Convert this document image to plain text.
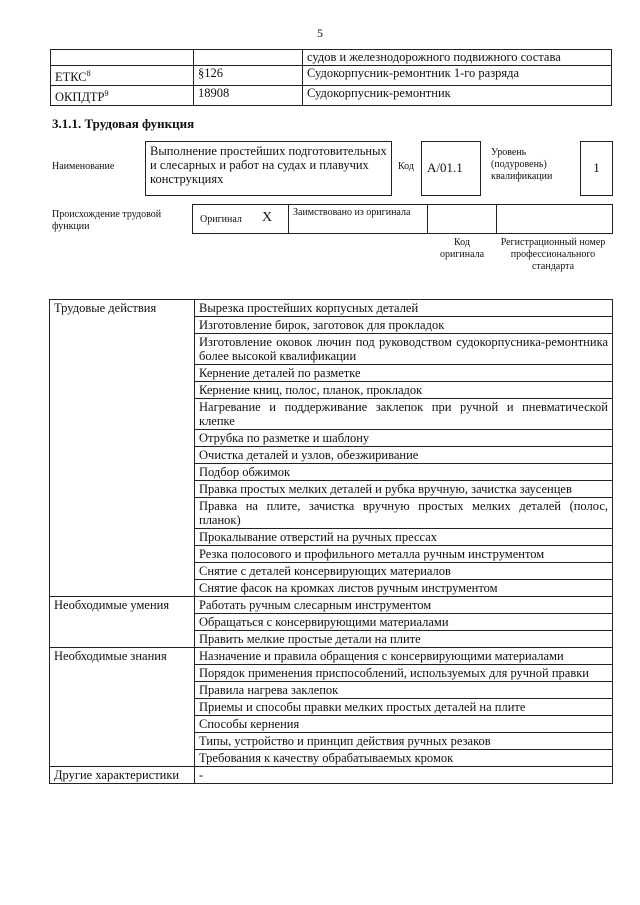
5
		судов и железнодорожного подвижного состава
ЕТКС$^8$	§126	Судокорпусник-ремонтник 1-го разряда
ОКПДТР$^9$	18908	Судокорпусник-ремонтник
3.1.1. Трудовая функция
Наименование
Выполнение простейших подготовительных и слесарных и работ на судах и плавучих конструкциях
Код	А/01.1
Уровень (подуровень) квалификации
1
Происхождение трудовой функции
Оригинал X Заимствовано из оригинала
Код оригинала
Регистрационный номер профессионального стандарта
Трудовые действия	Вырезка простейших корпусных деталей
	Изготовление бирок, заготовок для прокладок
	Изготовление оковок лючин под руководством судокорпусника-ремонтника более высокой квалификации
	Кернение деталей по разметке
	Кернение книц, полос, планок, прокладок
	Нагревание и поддерживание заклепок при ручной и пневматической клепке
	Отрубка по разметке и шаблону
	Очистка деталей и узлов, обезжиривание
	Подбор обжимок
	Правка простых мелких деталей и рубка вручную, зачистка заусенцев
	Правка на плите, зачистка вручную простых мелких деталей (полос, планок)
	Прокалывание отверстий на ручных прессах
	Резка полосового и профильного металла ручным инструментом
	Снятие с деталей консервирующих материалов
	Снятие фасок на кромках листов ручным инструментом
Необходимые умения	Работать ручным слесарным инструментом
	Обращаться с консервирующими материалами
	Править мелкие простые детали на плите
Необходимые знания	Назначение и правила обращения с консервирующими материалами
	Порядок применения приспособлений, используемых для ручной правки
	Правила нагрева заклепок
	Приемы и способы правки мелких простых деталей на плите
	Способы кернения
	Типы, устройство и принцип действия ручных резаков
	Требования к качеству обрабатываемых кромок
Другие характеристики	-
